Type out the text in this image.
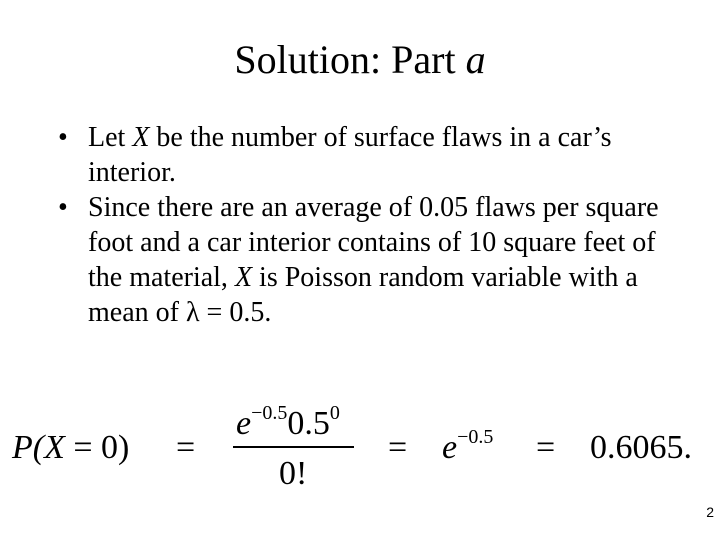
Solution: Part a
• Let X be the number of surface flaws in a car’s interior.
• Since there are an average of 0.05 flaws per square foot and a car interior contains of 10 square feet of the material, X is Poisson random variable with a mean of λ = 0.5.
P(X = 0) =
$e^{-0.5}0.5^0$
0!
= $e^{-0.5} = 0.6065$.
2
